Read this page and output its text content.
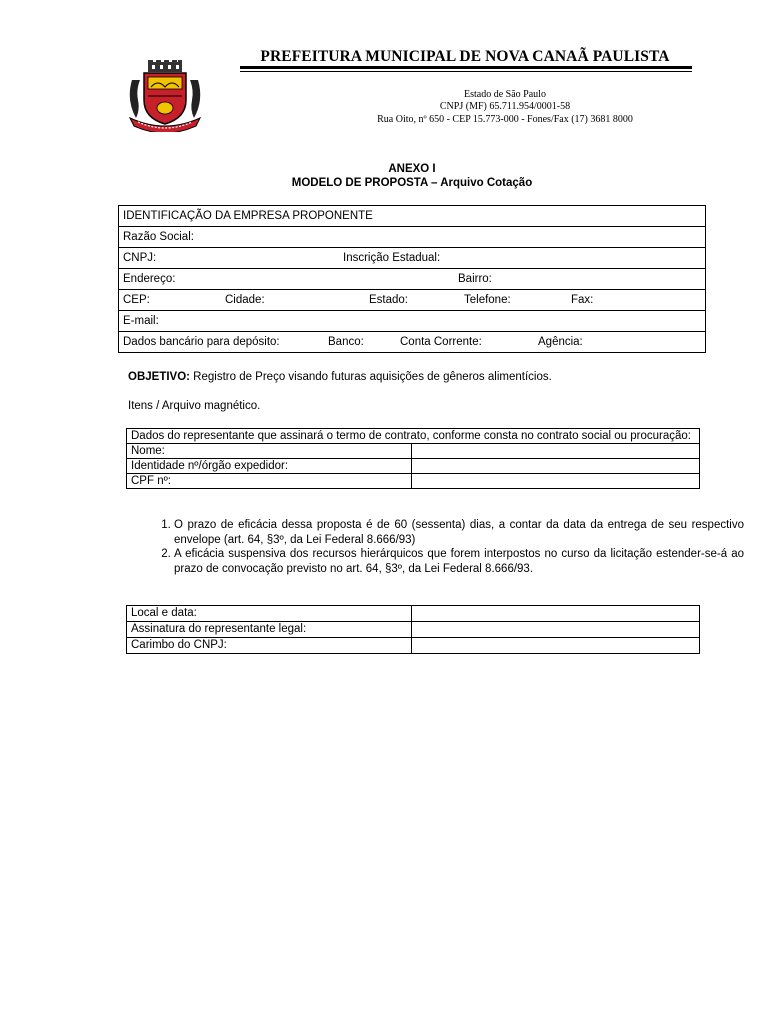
PREFEITURA MUNICIPAL DE NOVA CANAÃ PAULISTA
Estado de São Paulo
CNPJ (MF) 65.711.954/0001-58
Rua Oito, nº 650 - CEP 15.773-000 - Fones/Fax (17) 3681 8000
ANEXO I
MODELO DE PROPOSTA – Arquivo Cotação
IDENTIFICAÇÃO DA EMPRESA PROPONENTE
Razão Social:

CNPJ:	Inscrição Estadual:

Endereço:	Bairro:

CEP:	Cidade:	Estado:	Telefone:	Fax:

E-mail:

Dados bancário para depósito:	Banco:	Conta Corrente:	Agência:
OBJETIVO: Registro de Preço visando futuras aquisições de gêneros alimentícios.
Itens / Arquivo magnético.
Dados do representante que assinará o termo de contrato, conforme consta no contrato social ou procuração:	
Nome:	
Identidade nº/órgão expedidor:	
CPF nº:	
1. O prazo de eficácia dessa proposta é de 60 (sessenta) dias, a contar da data da entrega de seu respectivo envelope (art. 64, §3º, da Lei Federal 8.666/93)
2. A eficácia suspensiva dos recursos hierárquicos que forem interpostos no curso da licitação estender-se-á ao prazo de convocação previsto no art. 64, §3º, da Lei Federal 8.666/93.
Local e data:	
Assinatura do representante legal:	
Carimbo do CNPJ:	
